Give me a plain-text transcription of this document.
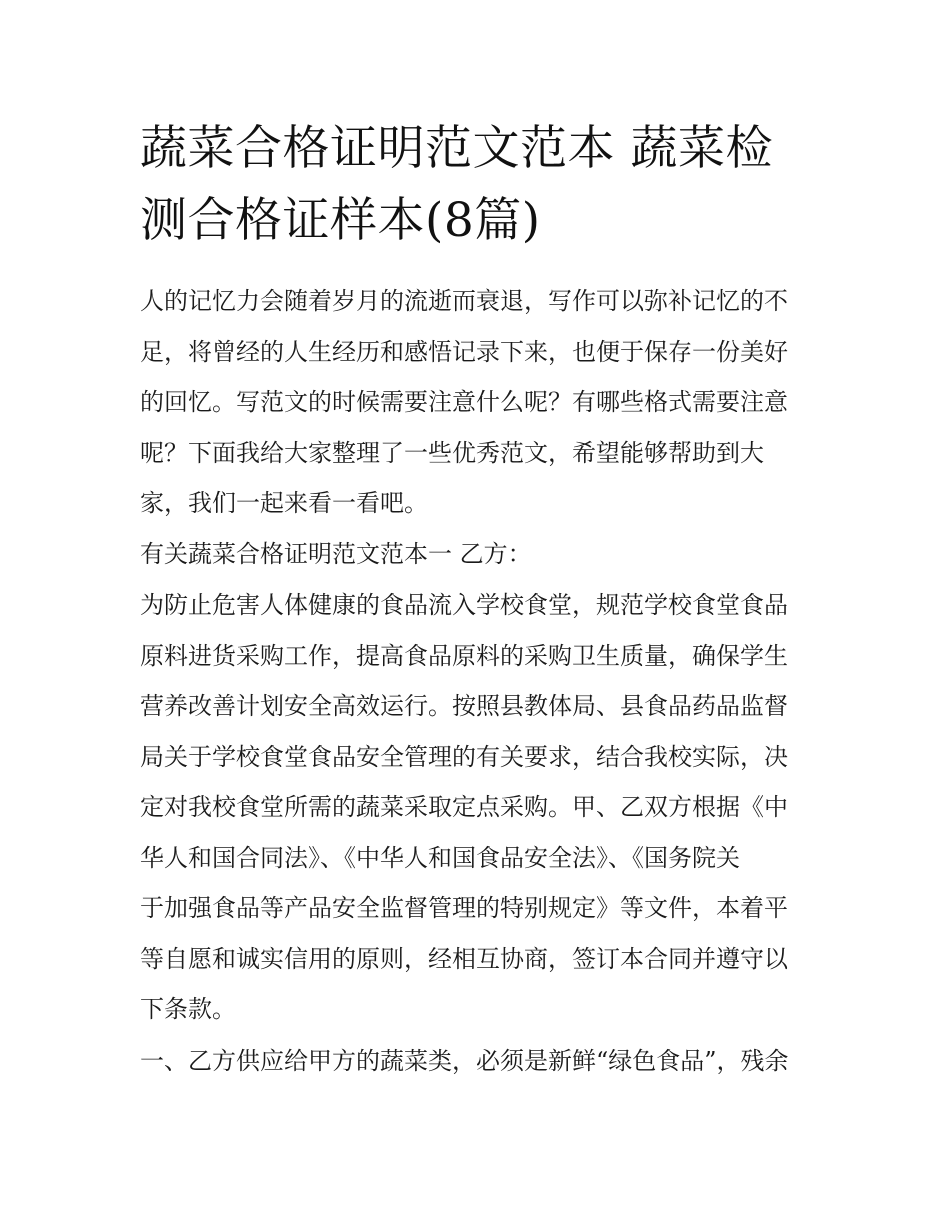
蔬菜合格证明范文范本 蔬菜检
测合格证样本(8篇)
人的记忆力会随着岁月的流逝而衰退，写作可以弥补记忆的不
足，将曾经的人生经历和感悟记录下来，也便于保存一份美好
的回忆。写范文的时候需要注意什么呢？有哪些格式需要注意
呢？下面我给大家整理了一些优秀范文，希望能够帮助到大
家，我们一起来看一看吧。
有关蔬菜合格证明范文范本一 乙方：
为防止危害人体健康的食品流入学校食堂，规范学校食堂食品
原料进货采购工作，提高食品原料的采购卫生质量，确保学生
营养改善计划安全高效运行。按照县教体局、县食品药品监督
局关于学校食堂食品安全管理的有关要求，结合我校实际，决
定对我校食堂所需的蔬菜采取定点采购。甲、乙双方根据《中
华人和国合同法》、《中华人和国食品安全法》、《国务院关
于加强食品等产品安全监督管理的特别规定》等文件，本着平
等自愿和诚实信用的原则，经相互协商，签订本合同并遵守以
下条款。
一、乙方供应给甲方的蔬菜类，必须是新鲜“绿色食品”，残余
